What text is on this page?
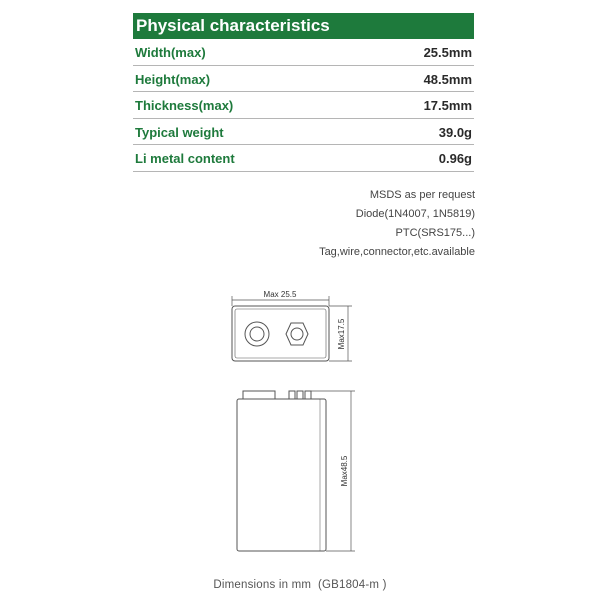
Physical characteristics
Width(max)	25.5mm
Height(max)	48.5mm
Thickness(max)	17.5mm
Typical weight	39.0g
Li metal content	0.96g
MSDS as per request
Diode(1N4007, 1N5819)
PTC(SRS175...)
Tag,wire,connector,etc.available
Max 25.5
Max17.5
Max48.5
Dimensions in mm  (GB1804-m )
